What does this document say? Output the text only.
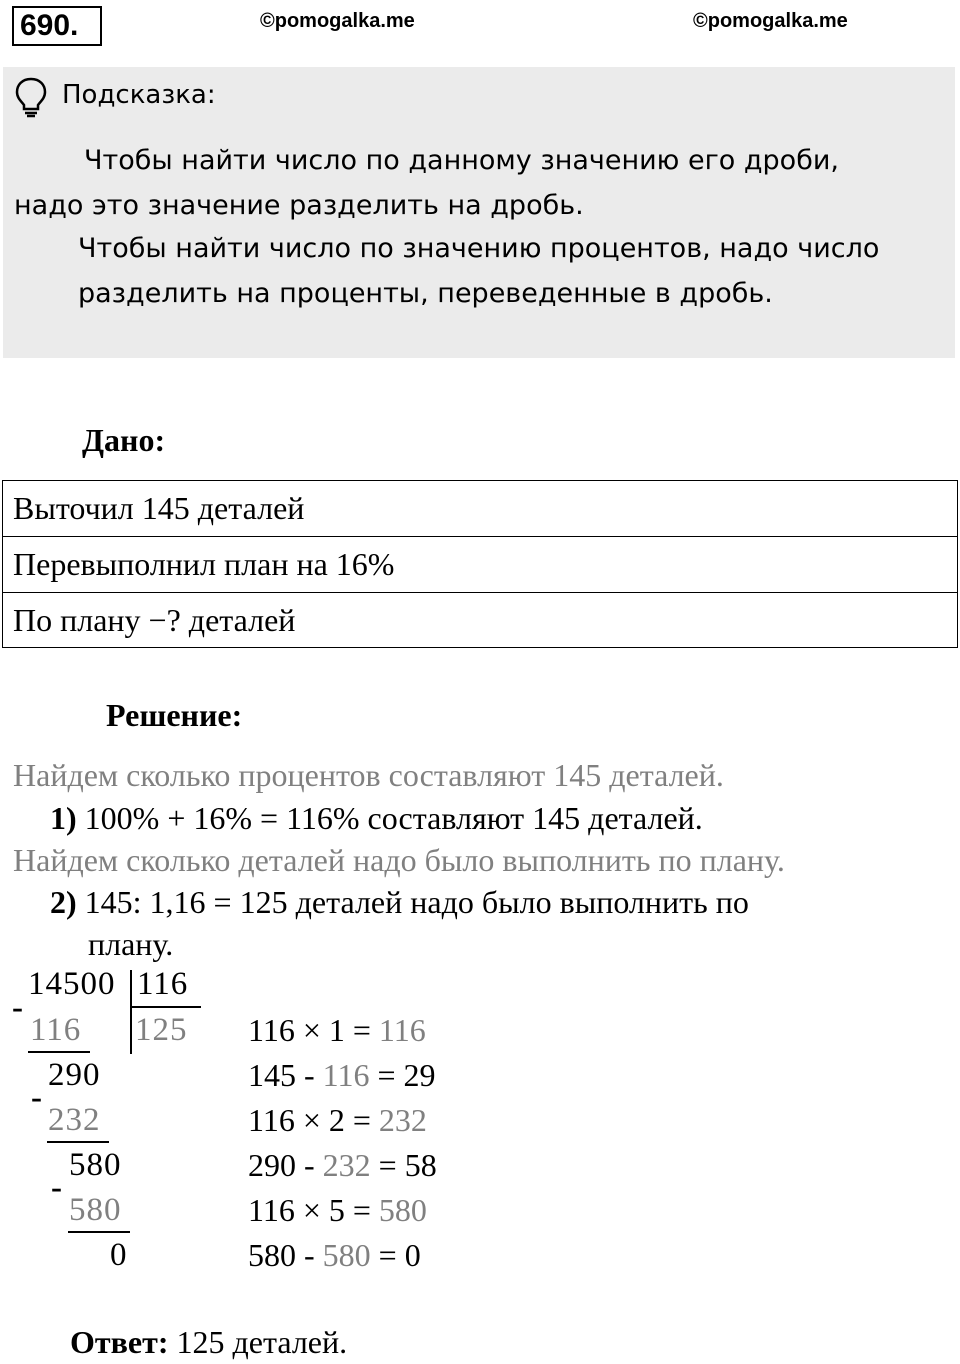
690.	©pomogalka.me	©pomogalka.me
Подсказка:
Чтобы найти число по данному значению его дроби,
надо это значение разделить на дробь.
Чтобы найти число по значению процентов, надо число
разделить на проценты, переведенные в дробь.
Дано:
Выточил 145 деталей
Перевыполнил план на 16%
По плану −? деталей
Решение:
Найдем сколько процентов составляют 145 деталей.
1) 100% + 16% = 116% составляют 145 деталей.
Найдем сколько деталей надо было выполнить по плану.
2) 145: 1,16 = 125 деталей надо было выполнить по
плану.
14500 116
125
-
116
290
-
232
580
-
580
0
116 × 1 = 116
145 - 116 = 29
116 × 2 = 232
290 - 232 = 58
116 × 5 = 580
580 - 580 = 0
Ответ: 125 деталей.
